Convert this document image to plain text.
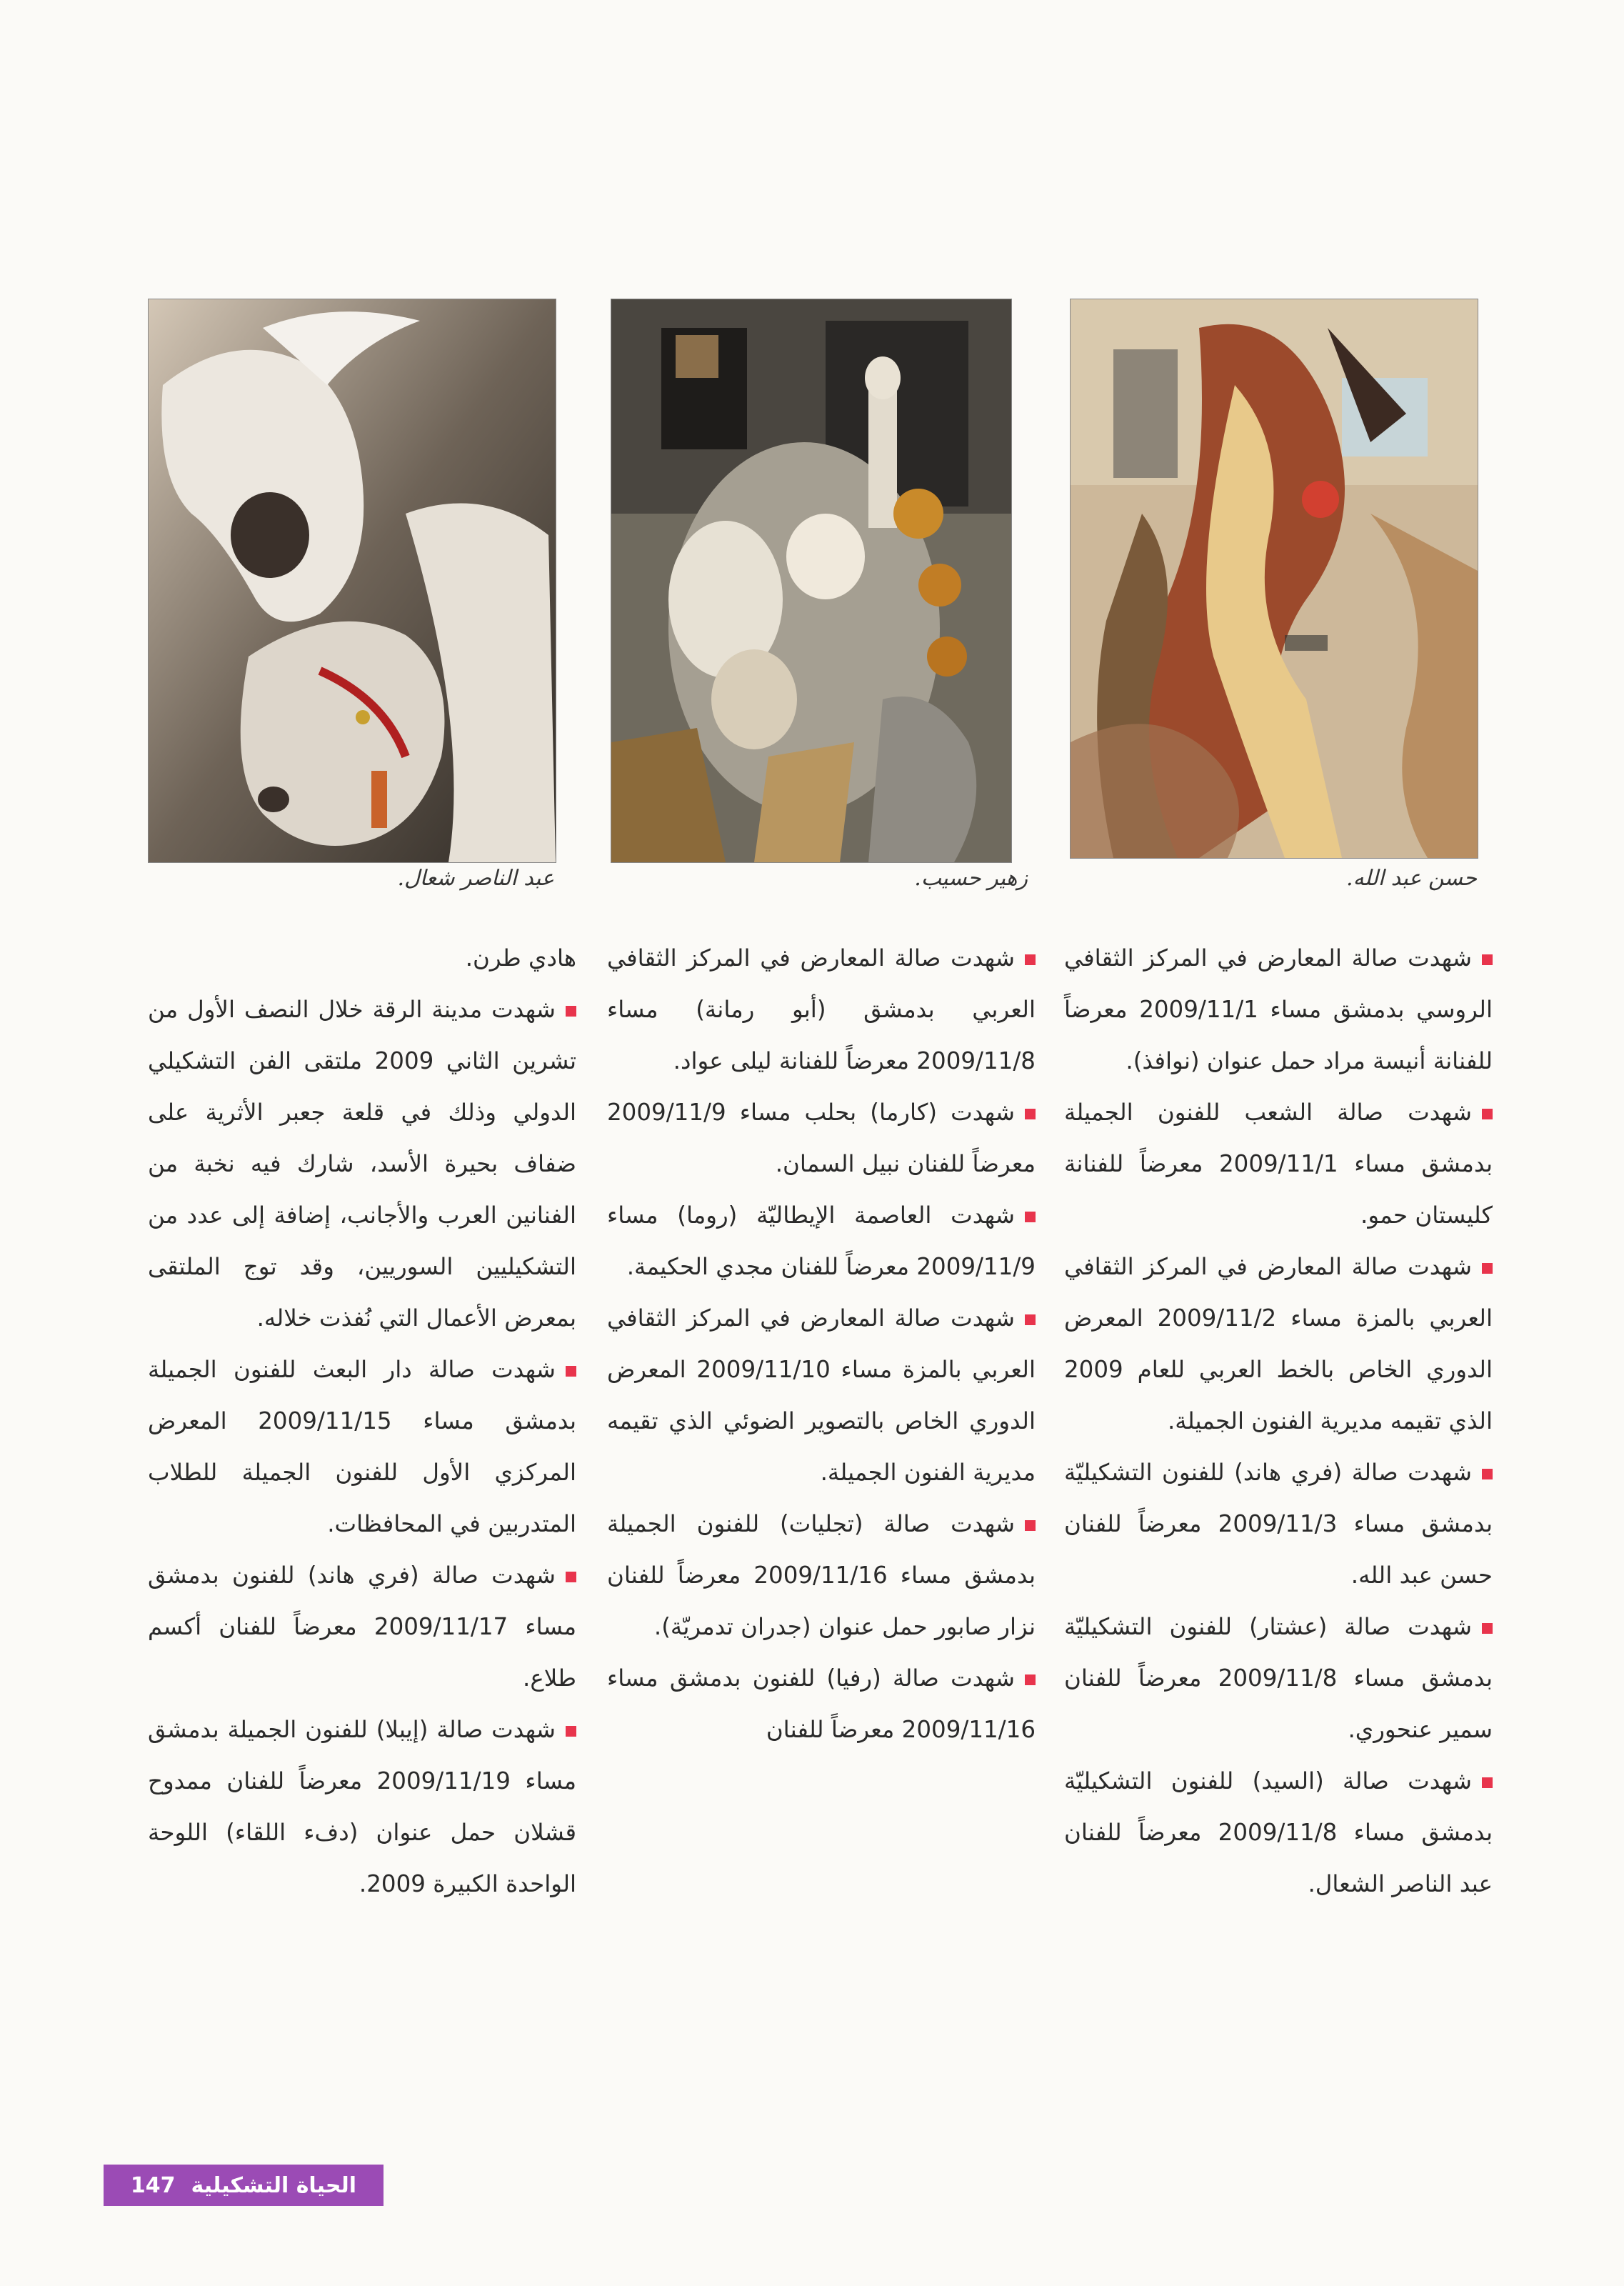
حسن عبد الله.
زهير حسيب.
عبد الناصر شعال.

شهدت صالة المعارض في المركز الثقافي الروسي بدمشق مساء 2009/11/1 معرضاً للفنانة أنيسة مراد حمل عنوان (نوافذ).

شهدت صالة الشعب للفنون الجميلة بدمشق مساء 2009/11/1 معرضاً للفنانة كليستان حمو.

شهدت صالة المعارض في المركز الثقافي العربي بالمزة مساء 2009/11/2 المعرض الدوري الخاص بالخط العربي للعام 2009 الذي تقيمه مديرية الفنون الجميلة.

شهدت صالة (فري هاند) للفنون التشكيليّة بدمشق مساء 2009/11/3 معرضاً للفنان حسن عبد الله.

شهدت صالة (عشتار) للفنون التشكيليّة بدمشق مساء 2009/11/8 معرضاً للفنان سمير عنحوري.

شهدت صالة (السيد) للفنون التشكيليّة بدمشق مساء 2009/11/8 معرضاً للفنان عبد الناصر الشعال.

شهدت صالة المعارض في المركز الثقافي العربي بدمشق (أبو رمانة) مساء 2009/11/8 معرضاً للفنانة ليلى عواد.

شهدت (كارما) بحلب مساء 2009/11/9 معرضاً للفنان نبيل السمان.

شهدت العاصمة الإيطاليّة (روما) مساء 2009/11/9 معرضاً للفنان مجدي الحكيمة.

شهدت صالة المعارض في المركز الثقافي العربي بالمزة مساء 2009/11/10 المعرض الدوري الخاص بالتصوير الضوئي الذي تقيمه مديرية الفنون الجميلة.

شهدت صالة (تجليات) للفنون الجميلة بدمشق مساء 2009/11/16 معرضاً للفنان نزار صابور حمل عنوان (جدران تدمريّة).

شهدت صالة (رفيا) للفنون بدمشق مساء 2009/11/16 معرضاً للفنان

هادي طرن.

شهدت مدينة الرقة خلال النصف الأول من تشرين الثاني 2009 ملتقى الفن التشكيلي الدولي وذلك في قلعة جعبر الأثرية على ضفاف بحيرة الأسد، شارك فيه نخبة من الفنانين العرب والأجانب، إضافة إلى عدد من التشكيليين السوريين، وقد توج الملتقى بمعرض الأعمال التي نُفذت خلاله.

شهدت صالة دار البعث للفنون الجميلة بدمشق مساء 2009/11/15 المعرض المركزي الأول للفنون الجميلة للطلاب المتدربين في المحافظات.

شهدت صالة (فري هاند) للفنون بدمشق مساء 2009/11/17 معرضاً للفنان أكسم طلاع.

شهدت صالة (إيبلا) للفنون الجميلة بدمشق مساء 2009/11/19 معرضاً للفنان ممدوح قشلان حمل عنوان (دفء اللقاء) اللوحة الواحدة الكبيرة 2009.

الحياة التشكيلية
147
